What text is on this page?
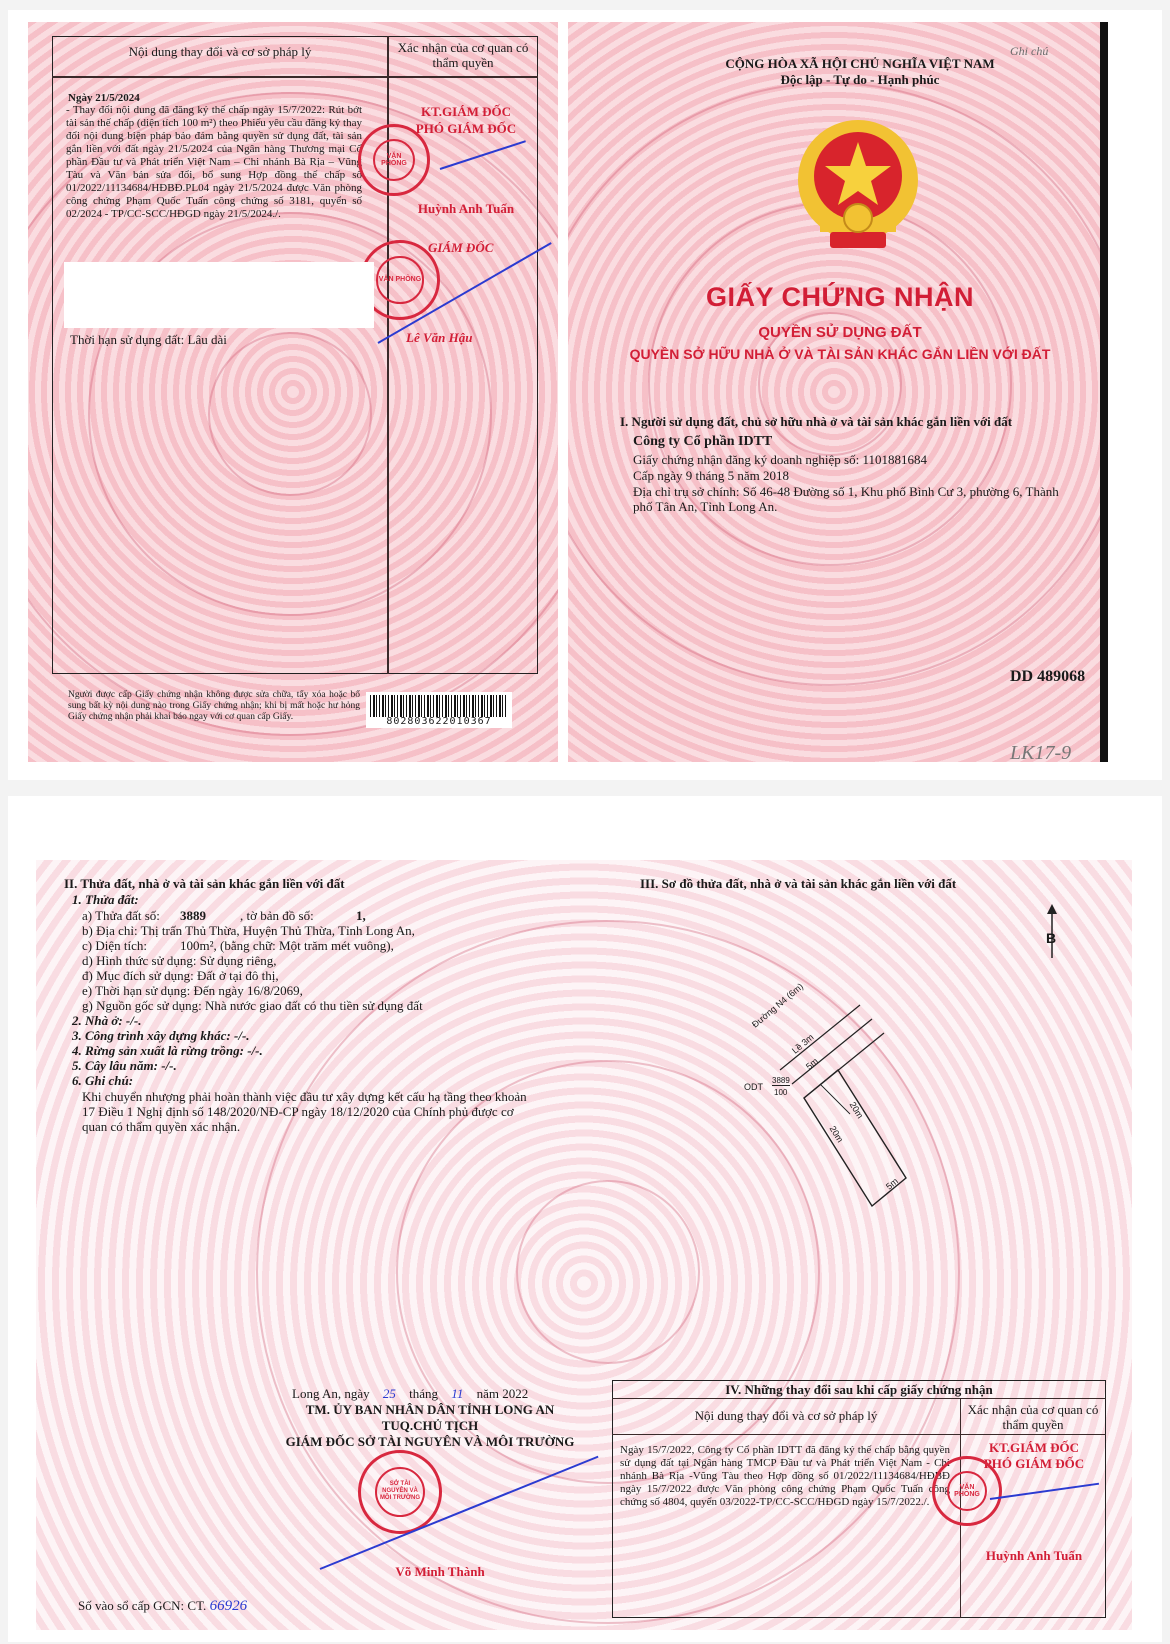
Nội dung thay đổi và cơ sở pháp lý	Xác nhận của cơ quan có thẩm quyền
Ngày 21/5/2024
- Thay đổi nội dung đã đăng ký thế chấp ngày 15/7/2022: Rút bớt tài sản thế chấp (diện tích 100 m²) theo Phiếu yêu cầu đăng ký thay đổi nội dung biện pháp bảo đảm bằng quyền sử dụng đất, tài sản gắn liền với đất ngày 21/5/2024 của Ngân hàng Thương mại Cổ phần Đầu tư và Phát triển Việt Nam – Chi nhánh Bà Rịa – Vũng Tàu và Văn bản sửa đổi, bổ sung Hợp đồng thế chấp số 01/2022/11134684/HĐBĐ.PL04 ngày 21/5/2024 được Văn phòng công chứng Phạm Quốc Tuấn công chứng số 3181, quyển số 02/2024 - TP/CC-SCC/HĐGD ngày 21/5/2024./.
KT.GIÁM ĐỐC
PHÓ GIÁM ĐỐC
VĂN PHÒNG
Huỳnh Anh Tuấn
VĂN PHÒNG
GIÁM ĐỐC
Lê Văn Hậu
Thời hạn sử dụng đất: Lâu dài
Người được cấp Giấy chứng nhận không được sửa chữa, tẩy xóa hoặc bổ sung bất kỳ nội dung nào trong Giấy chứng nhận; khi bị mất hoặc hư hỏng Giấy chứng nhận phải khai báo ngay với cơ quan cấp Giấy.	802803622010367
CỘNG HÒA XÃ HỘI CHỦ NGHĨA VIỆT NAM
Độc lập - Tự do - Hạnh phúc
Ghi chú
GIẤY CHỨNG NHẬN
QUYỀN SỬ DỤNG ĐẤT
QUYỀN SỞ HỮU NHÀ Ở VÀ TÀI SẢN KHÁC GẮN LIỀN VỚI ĐẤT
I. Người sử dụng đất, chủ sở hữu nhà ở và tài sản khác gắn liền với đất
Công ty Cổ phần IDTT
Giấy chứng nhận đăng ký doanh nghiệp số: 1101881684
Cấp ngày 9 tháng 5 năm 2018
Địa chỉ trụ sở chính: Số 46-48 Đường số 1, Khu phố Bình Cư 3, phường 6, Thành phố Tân An, Tỉnh Long An.
DD 489068
LK17-9
II. Thửa đất, nhà ở và tài sản khác gắn liền với đất
1. Thửa đất:
a) Thửa đất số: 3889	, tờ bản đồ số:	1,
b) Địa chỉ: Thị trấn Thủ Thừa, Huyện Thủ Thừa, Tỉnh Long An,
c) Diện tích:	100m², (bằng chữ: Một trăm mét vuông),
d) Hình thức sử dụng: Sử dụng riêng,
đ) Mục đích sử dụng: Đất ở tại đô thị,
e) Thời hạn sử dụng: Đến ngày 16/8/2069,
g) Nguồn gốc sử dụng: Nhà nước giao đất có thu tiền sử dụng đất
2. Nhà ở: -/-.
3. Công trình xây dựng khác: -/-.
4. Rừng sản xuất là rừng trồng: -/-.
5. Cây lâu năm: -/-.
6. Ghi chú:
Khi chuyển nhượng phải hoàn thành việc đầu tư xây dựng kết cấu hạ tầng theo khoản 17 Điều 1 Nghị định số 148/2020/NĐ-CP ngày 18/12/2020 của Chính phủ được cơ quan có thẩm quyền xác nhận.
III. Sơ đồ thửa đất, nhà ở và tài sản khác gắn liền với đất
B
Đường N4 (6m)
Lề 3m
5m
20m
20m
5m
ODT
3889
100
Long An, ngày 25 tháng 11 năm 2022
TM. ỦY BAN NHÂN DÂN TỈNH LONG AN
TUQ.CHỦ TỊCH
GIÁM ĐỐC SỞ TÀI NGUYÊN VÀ MÔI TRƯỜNG
SỞ TÀI NGUYÊN VÀ MÔI TRƯỜNG
Võ Minh Thành
Số vào sổ cấp GCN: CT. 66926
IV. Những thay đổi sau khi cấp giấy chứng nhận
Nội dung thay đổi và cơ sở pháp lý	Xác nhận của cơ quan có thẩm quyền
Ngày 15/7/2022, Công ty Cổ phần IDTT đã đăng ký thế chấp bằng quyền sử dụng đất tại Ngân hàng TMCP Đầu tư và Phát triển Việt Nam - Chi nhánh Bà Rịa -Vũng Tàu theo Hợp đồng số 01/2022/11134684/HĐBĐ ngày 15/7/2022 được Văn phòng công chứng Phạm Quốc Tuấn công chứng số 4804, quyển 03/2022-TP/CC-SCC/HĐGD ngày 15/7/2022./.
KT.GIÁM ĐỐC
PHÓ GIÁM ĐỐC
VĂN PHÒNG
Huỳnh Anh Tuấn
